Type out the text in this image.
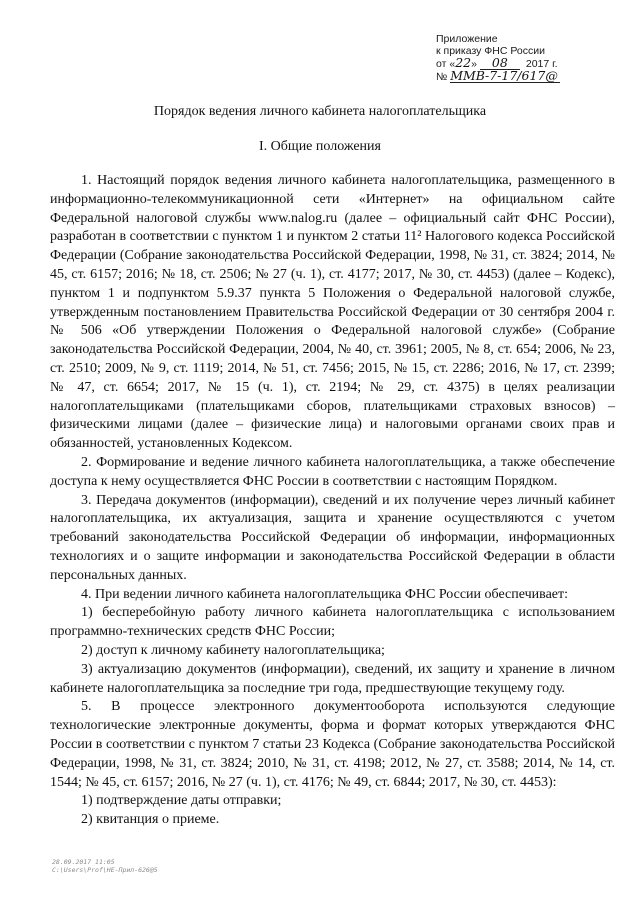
Приложение
к приказу ФНС России
от «22» 08 2017 г.
№ ММВ-7-17/617@
Порядок ведения личного кабинета налогоплательщика
I. Общие положения

1. Настоящий порядок ведения личного кабинета налогоплательщика, размещенного в информационно-телекоммуникационной сети «Интернет» на официальном сайте Федеральной налоговой службы www.nalog.ru (далее – официальный сайт ФНС России), разработан в соответствии с пунктом 1 и пунктом 2 статьи 11² Налогового кодекса Российской Федерации (Собрание законодательства Российской Федерации, 1998, № 31, ст. 3824; 2014, № 45, ст. 6157; 2016; № 18, ст. 2506; № 27 (ч. 1), ст. 4177; 2017, № 30, ст. 4453) (далее – Кодекс), пунктом 1 и подпунктом 5.9.37 пункта 5 Положения о Федеральной налоговой службе, утвержденным постановлением Правительства Российской Федерации от 30 сентября 2004 г. № 506 «Об утверждении Положения о Федеральной налоговой службе» (Собрание законодательства Российской Федерации, 2004, № 40, ст. 3961; 2005, № 8, ст. 654; 2006, № 23, ст. 2510; 2009, № 9, ст. 1119; 2014, № 51, ст. 7456; 2015, № 15, ст. 2286; 2016, № 17, ст. 2399; № 47, ст. 6654; 2017, № 15 (ч. 1), ст. 2194; № 29, ст. 4375) в целях реализации налогоплательщиками (плательщиками сборов, плательщиками страховых взносов) – физическими лицами (далее – физические лица) и налоговыми органами своих прав и обязанностей, установленных Кодексом.

2. Формирование и ведение личного кабинета налогоплательщика, а также обеспечение доступа к нему осуществляется ФНС России в соответствии с настоящим Порядком.

3. Передача документов (информации), сведений и их получение через личный кабинет налогоплательщика, их актуализация, защита и хранение осуществляются с учетом требований законодательства Российской Федерации об информации, информационных технологиях и о защите информации и законодательства Российской Федерации в области персональных данных.

4. При ведении личного кабинета налогоплательщика ФНС России обеспечивает:

1) бесперебойную работу личного кабинета налогоплательщика с использованием программно-технических средств ФНС России;

2) доступ к личному кабинету налогоплательщика;

3) актуализацию документов (информации), сведений, их защиту и хранение в личном кабинете налогоплательщика за последние три года, предшествующие текущему году.

5. В процессе электронного документооборота используются следующие технологические электронные документы, форма и формат которых утверждаются ФНС России в соответствии с пунктом 7 статьи 23 Кодекса (Собрание законодательства Российской Федерации, 1998, № 31, ст. 3824; 2010, № 31, ст. 4198; 2012, № 27, ст. 3588; 2014, № 14, ст. 1544; № 45, ст. 6157; 2016, № 27 (ч. 1), ст. 4176; № 49, ст. 6844; 2017, № 30, ст. 4453):

1) подтверждение даты отправки;

2) квитанция о приеме.

28.09.2017 11:05
C:\Users\Prof\НЕ-Прил-626@5
